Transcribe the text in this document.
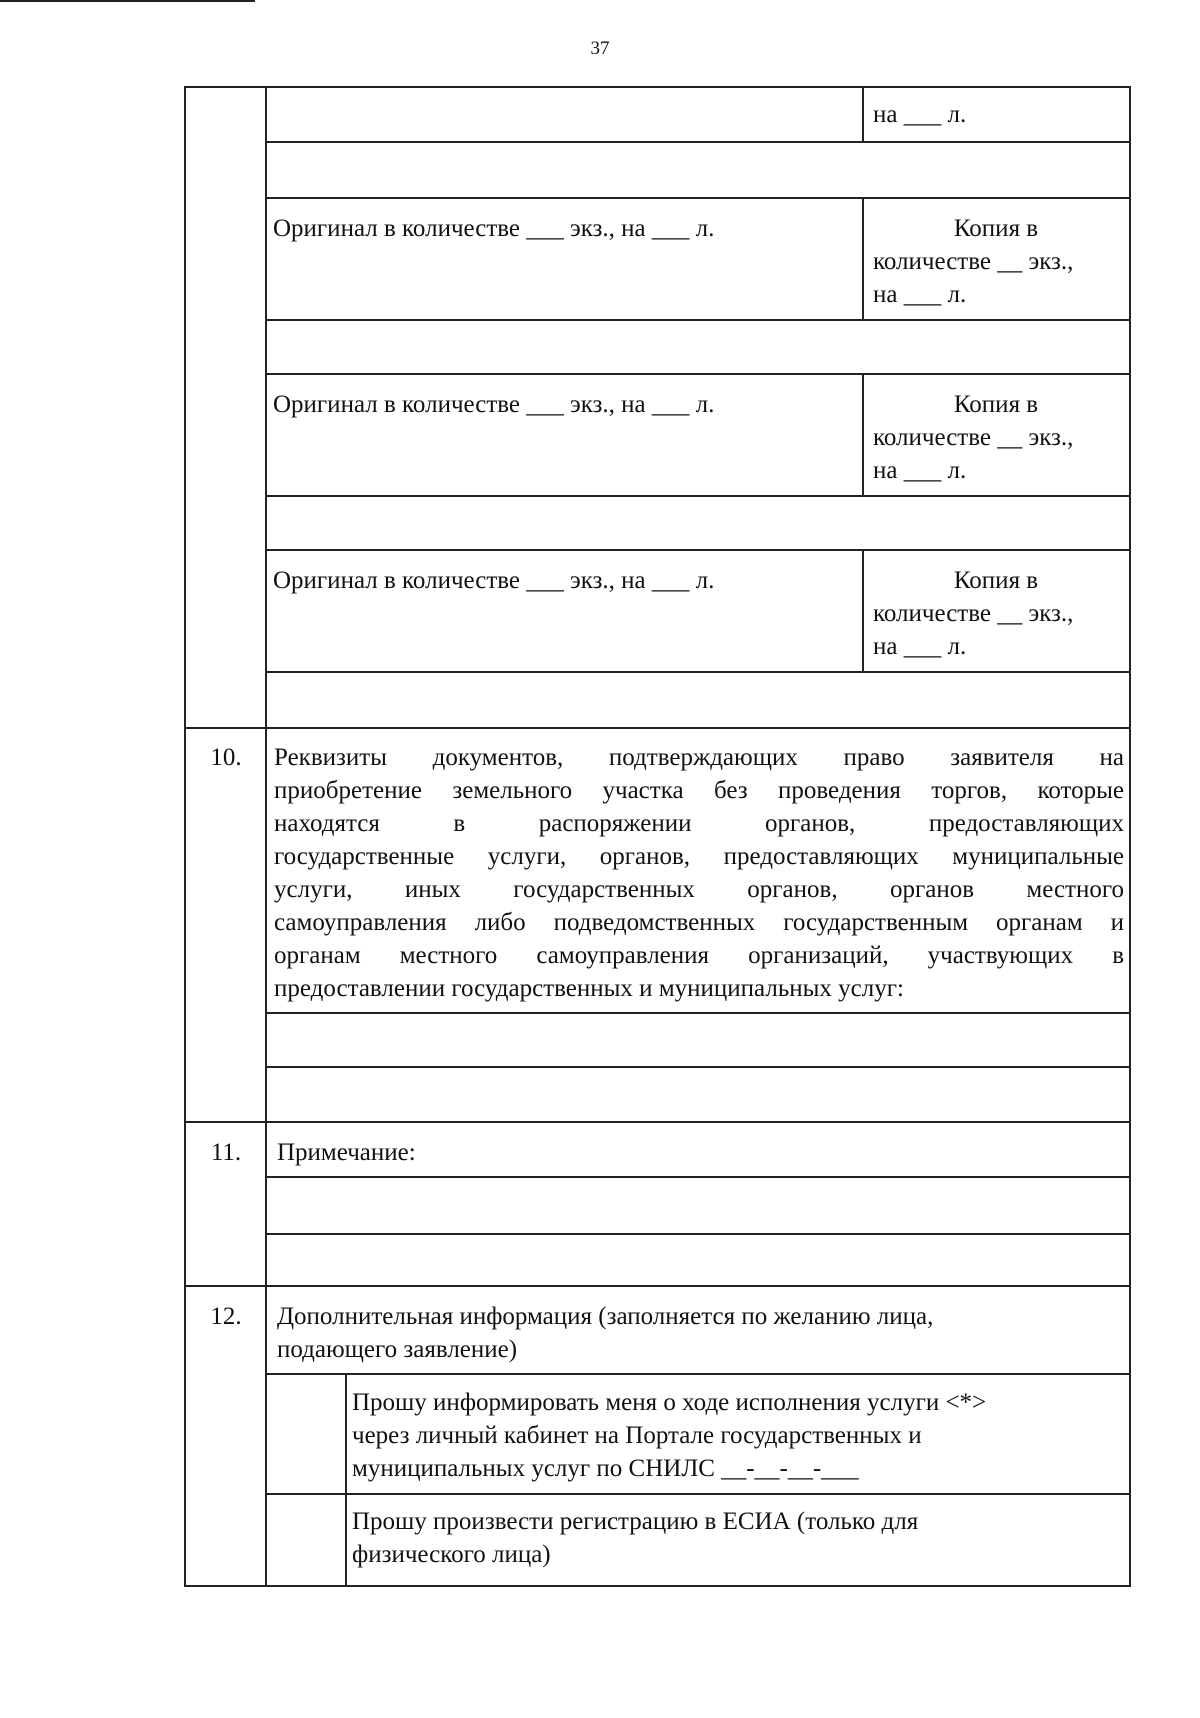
37
на ___ л.
Оригинал в количестве ___ экз., на ___ л.	Копия в
количестве __ экз.,
на ___ л.
Оригинал в количестве ___ экз., на ___ л.	Копия в
количестве __ экз.,
на ___ л.
Оригинал в количестве ___ экз., на ___ л.	Копия в
количестве __ экз.,
на ___ л.
10.	Реквизиты документов, подтверждающих право заявителя на
приобретение земельного участка без проведения торгов, которые
находятся в распоряжении органов, предоставляющих
государственные услуги, органов, предоставляющих муниципальные
услуги, иных государственных органов, органов местного
самоуправления либо подведомственных государственным органам и
органам местного самоуправления организаций, участвующих в
предоставлении государственных и муниципальных услуг:
11.	Примечание:
12.	Дополнительная информация (заполняется по желанию лица,
подающего заявление)
Прошу информировать меня о ходе исполнения услуги <*>
через личный кабинет на Портале государственных и
муниципальных услуг по СНИЛС __-__-__-___
Прошу произвести регистрацию в ЕСИА (только для
физического лица)
